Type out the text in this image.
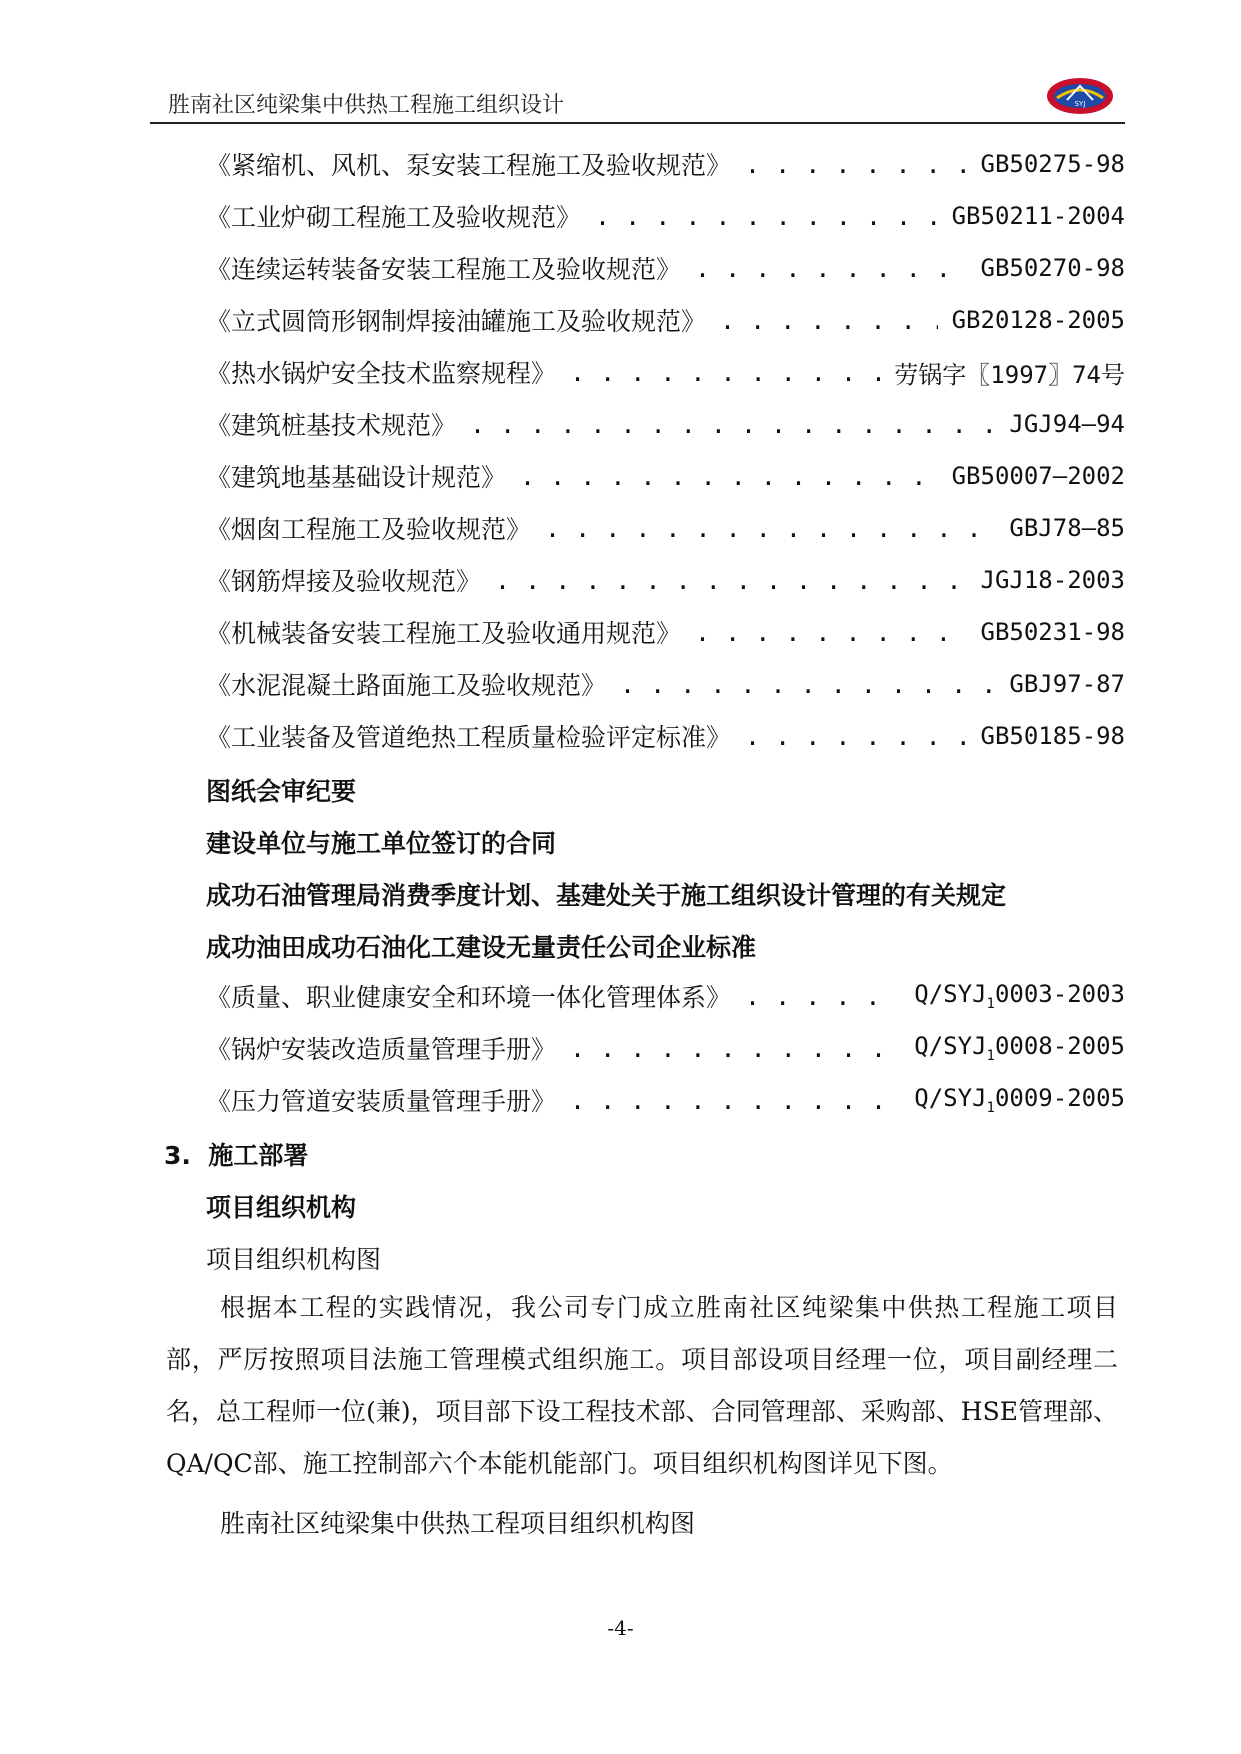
胜南社区纯梁集中供热工程施工组织设计	SYJ
《紧缩机、风机、泵安装工程施工及验收规范》 . . .	GB50275-98
《工业炉砌工程施工及验收规范》 . . .	GB50211-2004
《连续运转装备安装工程施工及验收规范》 . . .	GB50270-98
《立式圆筒形钢制焊接油罐施工及验收规范》 . . .	GB20128-2005
《热水锅炉安全技术监察规程》 . . .	劳锅字〖1997〗74号
《建筑桩基技术规范》 . . .	JGJ94—94
《建筑地基基础设计规范》 . . .	GB50007—2002
《烟囱工程施工及验收规范》 . . .	GBJ78—85
《钢筋焊接及验收规范》 . . .	JGJ18-2003
《机械装备安装工程施工及验收通用规范》 . . .	GB50231-98
《水泥混凝土路面施工及验收规范》 . . .	GBJ97-87
《工业装备及管道绝热工程质量检验评定标准》 . . .	GB50185-98
图纸会审纪要
建设单位与施工单位签订的合同
成功石油管理局消费季度计划、基建处关于施工组织设计管理的有关规定
成功油田成功石油化工建设无量责任公司企业标准
《质量、职业健康安全和环境一体化管理体系》 . . .	$Q/SYJ_10003-2003$
《锅炉安装改造质量管理手册》 . . .	$Q/SYJ_10008-2005$
《压力管道安装质量管理手册》 . . .	$Q/SYJ_10009-2005$
3. 施工部署
项目组织机构
项目组织机构图
根据本工程的实践情况，我公司专门成立胜南社区纯梁集中供热工程施工项目部，严厉按照项目法施工管理模式组织施工。项目部设项目经理一位，项目副经理二名，总工程师一位(兼)，项目部下设工程技术部、合同管理部、采购部、HSE管理部、QA/QC部、施工控制部六个本能机能部门。项目组织机构图详见下图。
胜南社区纯梁集中供热工程项目组织机构图
-4-
